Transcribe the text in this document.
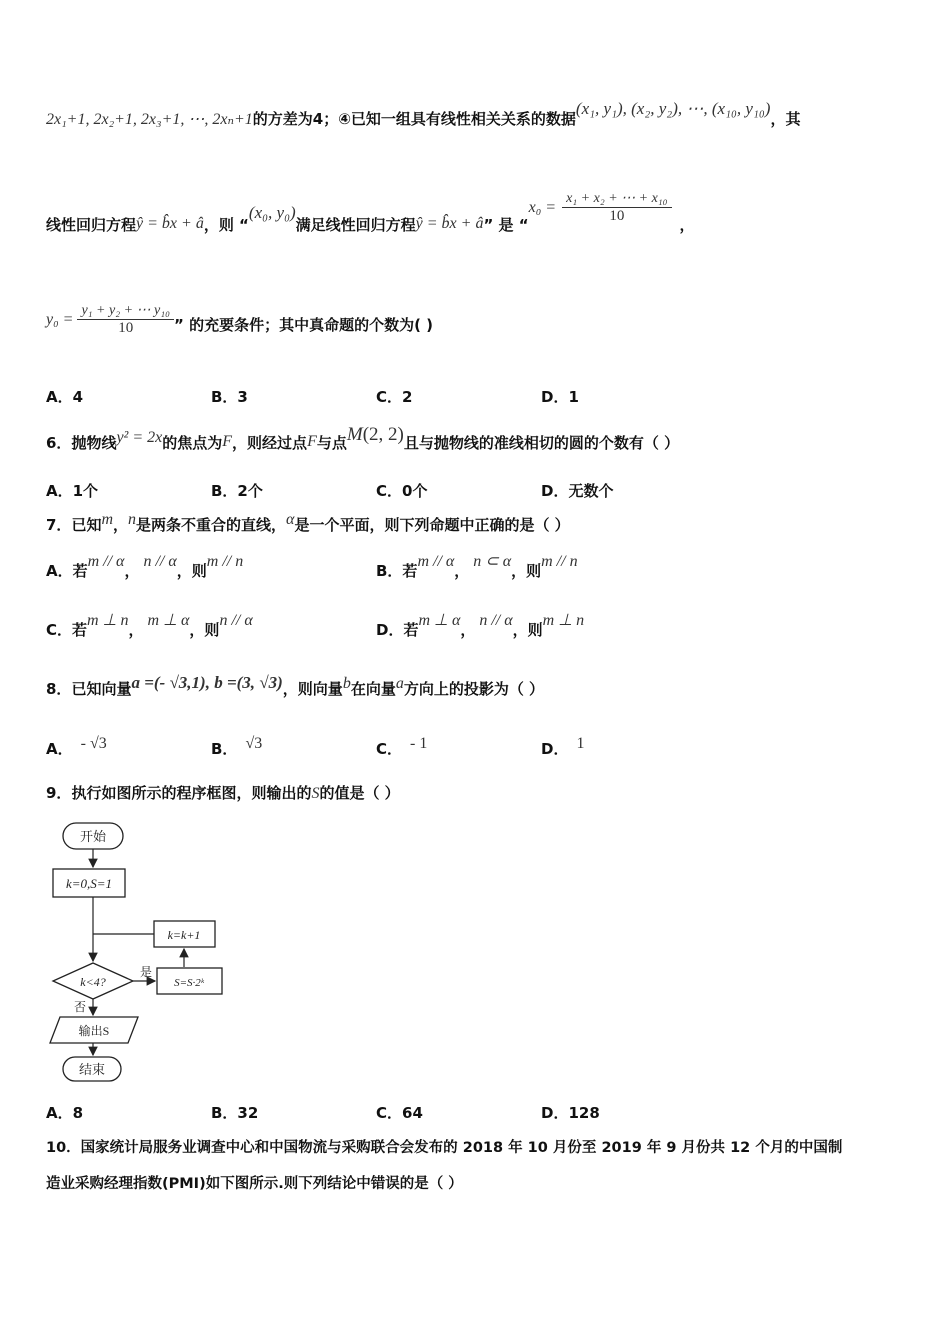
2x₁+1, 2x₂+1, 2x₃+1, ⋯, 2xₙ+1的方差为4；④已知一组具有线性相关关系的数据(x₁, y₁), (x₂, y₂), ⋯, (x₁₀, y₁₀)，其
线性回归方程ŷ = b̂x + â，则 “(x₀, y₀)满足线性回归方程ŷ = b̂x + â” 是 “$x_0 = \frac{\text{x₁ + x₂ + ⋯ + x₁₀}}{10}$ ，
$y_0 = \frac{\text{y₁ + y₂ + ⋯ y₁₀}}{10}$ ” 的充要条件；其中真命题的个数为( )
A．4	B．3	C．2	D．1
6．抛物线y² = 2x的焦点为F，则经过点F与点M(2, 2)且与抛物线的准线相切的圆的个数有（ ）
A．1个	B．2个	C．0个	D．无数个
7．已知m，n是两条不重合的直线，α是一个平面，则下列命题中正确的是（ ）
A．若m // α，n // α，则m // n
B．若m // α，n ⊂ α，则m // n
C．若m ⊥ n，m ⊥ α，则n // α
D．若m ⊥ α，n // α，则m ⊥ n
8．已知向量a =(- √3,1), b =(3, √3)，则向量b在向量a方向上的投影为（ ）
A． - √3	B． √3	C． - 1	D． 1
9．执行如图所示的程序框图，则输出的S的值是（ ）
开始
k=0,S=1
k=k+1
k<4?
是
S=S·2ᵏ
否
输出S
结束
A．8	B．32	C．64	D．128
10．国家统计局服务业调查中心和中国物流与采购联合会发布的 2018 年 10 月份至 2019 年 9 月份共 12 个月的中国制
造业采购经理指数(PMI)如下图所示.则下列结论中错误的是（ ）
